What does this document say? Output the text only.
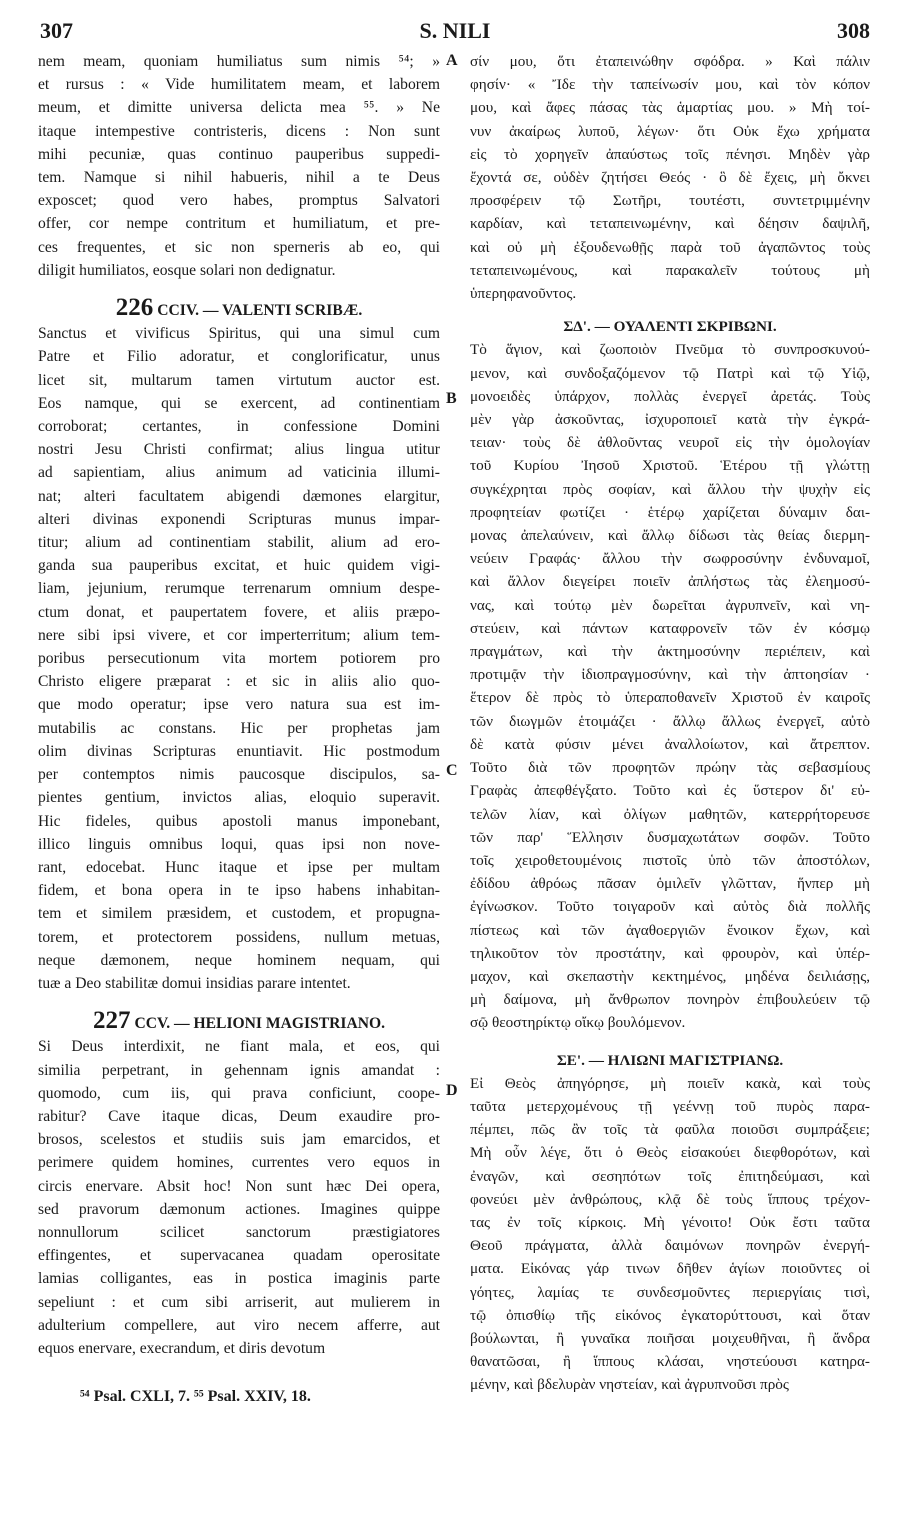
307	S. NILI	308
A
B
C
D
nem meam, quoniam humiliatus sum nimis ⁵⁴; »
et rursus : « Vide humilitatem meam, et laborem
meum, et dimitte universa delicta mea ⁵⁵. » Ne
itaque intempestive contristeris, dicens : Non sunt
mihi pecuniæ, quas continuo pauperibus suppedi-
tem. Namque si nihil habueris, nihil a te Deus
exposcet; quod vero habes, promptus Salvatori
offer, cor nempe contritum et humiliatum, et pre-
ces frequentes, et sic non sperneris ab eo, qui
diligit humiliatos, eosque solari non dedignatur.
226 CCIV. — VALENTI SCRIBÆ.
Sanctus et vivificus Spiritus, qui una simul cum
Patre et Filio adoratur, et conglorificatur, unus
licet sit, multarum tamen virtutum auctor est.
Eos namque, qui se exercent, ad continentiam
corroborat; certantes, in confessione Domini
nostri Jesu Christi confirmat; alius lingua utitur
ad sapientiam, alius animum ad vaticinia illumi-
nat; alteri facultatem abigendi dæmones elargitur,
alteri divinas exponendi Scripturas munus impar-
titur; alium ad continentiam stabilit, alium ad ero-
ganda sua pauperibus excitat, et huic quidem vigi-
liam, jejunium, rerumque terrenarum omnium despe-
ctum donat, et paupertatem fovere, et aliis præpo-
nere sibi ipsi vivere, et cor imperterritum; alium tem-
poribus persecutionum vita mortem potiorem pro
Christo eligere præparat : et sic in aliis alio quo-
que modo operatur; ipse vero natura sua est im-
mutabilis ac constans. Hic per prophetas jam
olim divinas Scripturas enuntiavit. Hic postmodum
per contemptos nimis paucosque discipulos, sa-
pientes gentium, invictos alias, eloquio superavit.
Hic fideles, quibus apostoli manus imponebant,
illico linguis omnibus loqui, quas ipsi non nove-
rant, edocebat. Hunc itaque et ipse per multam
fidem, et bona opera in te ipso habens inhabitan-
tem et similem præsidem, et custodem, et propugna-
torem, et protectorem possidens, nullum metuas,
neque dæmonem, neque hominem nequam, qui
tuæ a Deo stabilitæ domui insidias parare intentet.
227 CCV. — HELIONI MAGISTRIANO.
Si Deus interdixit, ne fiant mala, et eos, qui
similia perpetrant, in gehennam ignis amandat :
quomodo, cum iis, qui prava conficiunt, coope-
rabitur? Cave itaque dicas, Deum exaudire pro-
brosos, scelestos et studiis suis jam emarcidos, et
perimere quidem homines, currentes vero equos in
circis enervare. Absit hoc! Non sunt hæc Dei opera,
sed pravorum dæmonum actiones. Imagines quippe
nonnullorum scilicet sanctorum præstigiatores
effingentes, et supervacanea quadam operositate
lamias colligantes, eas in postica imaginis parte
sepeliunt : et cum sibi arriserit, aut mulierem in
adulterium compellere, aut viro necem afferre, aut
equos enervare, execrandum, et diris devotum
σίν μου, ὅτι ἐταπεινώθην σφόδρα. » Καὶ πάλιν
φησίν· « Ἴδε τὴν ταπείνωσίν μου, καὶ τὸν κόπον
μου, καὶ ἄφες πάσας τὰς ἁμαρτίας μου. » Μὴ τοί-
νυν ἀκαίρως λυποῦ, λέγων· ὅτι Οὐκ ἔχω χρήματα
εἰς τὸ χορηγεῖν ἀπαύστως τοῖς πένησι. Μηδὲν γὰρ
ἔχοντά σε, οὐδὲν ζητήσει Θεός · ὃ δὲ ἔχεις, μὴ ὄκνει
προσφέρειν τῷ Σωτῆρι, τουτέστι, συντετριμμένην
καρδίαν, καὶ τεταπεινωμένην, καὶ δέησιν δαψιλῆ,
καὶ οὐ μὴ ἐξουδενωθῇς παρὰ τοῦ ἀγαπῶντος τοὺς
τεταπεινωμένους, καὶ παρακαλεῖν τούτους μὴ
ὑπερηφανοῦντος.
ΣΔ'. — ΟΥΑΛΕΝΤΙ ΣΚΡΙΒΩΝΙ.
Τὸ ἅγιον, καὶ ζωοποιὸν Πνεῦμα τὸ συνπροσκυνού-
μενον, καὶ συνδοξαζόμενον τῷ Πατρὶ καὶ τῷ Υἱῷ,
μονοειδὲς ὑπάρχον, πολλὰς ἐνεργεῖ ἀρετάς. Τοὺς
μὲν γὰρ ἀσκοῦντας, ἰσχυροποιεῖ κατὰ τὴν ἐγκρά-
τειαν· τοὺς δὲ ἀθλοῦντας νευροῖ εἰς τὴν ὁμολογίαν
τοῦ Κυρίου Ἰησοῦ Χριστοῦ. Ἑτέρου τῇ γλώττῃ
συγκέχρηται πρὸς σοφίαν, καὶ ἄλλου τὴν ψυχὴν εἰς
προφητείαν φωτίζει · ἑτέρῳ χαρίζεται δύναμιν δαι-
μονας ἀπελαύνειν, καὶ ἄλλῳ δίδωσι τὰς θείας διερμη-
νεύειν Γραφάς· ἄλλου τὴν σωφροσύνην ἐνδυναμοῖ,
καὶ ἄλλον διεγείρει ποιεῖν ἀπλήστως τὰς ἐλεημοσύ-
νας, καὶ τούτῳ μὲν δωρεῖται ἀγρυπνεῖν, καὶ νη-
στεύειν, καὶ πάντων καταφρονεῖν τῶν ἐν κόσμῳ
πραγμάτων, καὶ τὴν ἀκτημοσύνην περιέπειν, καὶ
προτιμᾷν τὴν ἰδιοπραγμοσύνην, καὶ τὴν ἀπτοησίαν ·
ἕτερον δὲ πρὸς τὸ ὑπεραποθανεῖν Χριστοῦ ἐν καιροῖς
τῶν διωγμῶν ἑτοιμάζει · ἄλλῳ ἄλλως ἐνεργεῖ, αὐτὸ
δὲ κατὰ φύσιν μένει ἀναλλοίωτον, καὶ ἄτρεπτον.
Τοῦτο διὰ τῶν προφητῶν πρώην τὰς σεβασμίους
Γραφὰς ἀπεφθέγξατο. Τοῦτο καὶ ἐς ὕστερον δι' εὐ-
τελῶν λίαν, καὶ ὀλίγων μαθητῶν, κατερρήτορευσε
τῶν παρ' Ἕλλησιν δυσμαχωτάτων σοφῶν. Τοῦτο
τοῖς χειροθετουμένοις πιστοῖς ὑπὸ τῶν ἀποστόλων,
ἐδίδου ἀθρόως πᾶσαν ὁμιλεῖν γλῶτταν, ἥνπερ μὴ
ἐγίνωσκον. Τοῦτο τοιγαροῦν καὶ αὐτὸς διὰ πολλῆς
πίστεως καὶ τῶν ἀγαθοεργιῶν ἔνοικον ἔχων, καὶ
τηλικοῦτον τὸν προστάτην, καὶ φρουρὸν, καὶ ὑπέρ-
μαχον, καὶ σκεπαστὴν κεκτημένος, μηδένα δειλιάσῃς,
μὴ δαίμονα, μὴ ἄνθρωπον πονηρὸν ἐπιβουλεύειν τῷ
σῷ θεοστηρίκτῳ οἴκῳ βουλόμενον.
ΣΕ'. — ΗΛΙΩΝΙ ΜΑΓΙΣΤΡΙΑΝΩ.
Εἰ Θεὸς ἀπηγόρησε, μὴ ποιεῖν κακὰ, καὶ τοὺς
ταῦτα μετερχομένους τῇ γεέννῃ τοῦ πυρὸς παρα-
πέμπει, πῶς ἂν τοῖς τὰ φαῦλα ποιοῦσι συμπράξειε;
Μὴ οὖν λέγε, ὅτι ὁ Θεὸς εἰσακούει διεφθορότων, καὶ
ἐναγῶν, καὶ σεσηπότων τοῖς ἐπιτηδεύμασι, καὶ
φονεύει μὲν ἀνθρώπους, κλᾷ δὲ τοὺς ἵππους τρέχον-
τας ἐν τοῖς κίρκοις. Μὴ γένοιτο! Οὐκ ἔστι ταῦτα
Θεοῦ πράγματα, ἀλλὰ δαιμόνων πονηρῶν ἐνεργή-
ματα. Εἰκόνας γάρ τινων δῆθεν ἁγίων ποιοῦντες οἱ
γόητες, λαμίας τε συνδεσμοῦντες περιεργίαις τισὶ,
τῷ ὀπισθίῳ τῆς εἰκόνος ἐγκατορύττουσι, καὶ ὅταν
βούλωνται, ἢ γυναῖκα ποιῆσαι μοιχευθῆναι, ἢ ἄνδρα
θανατῶσαι, ἢ ἵππους κλάσαι, νηστεύουσι κατηρα-
μένην, καὶ βδελυρὰν νηστείαν, καὶ ἀγρυπνοῦσι πρὸς
⁵⁴ Psal. CXLI, 7. ⁵⁵ Psal. XXIV, 18.
